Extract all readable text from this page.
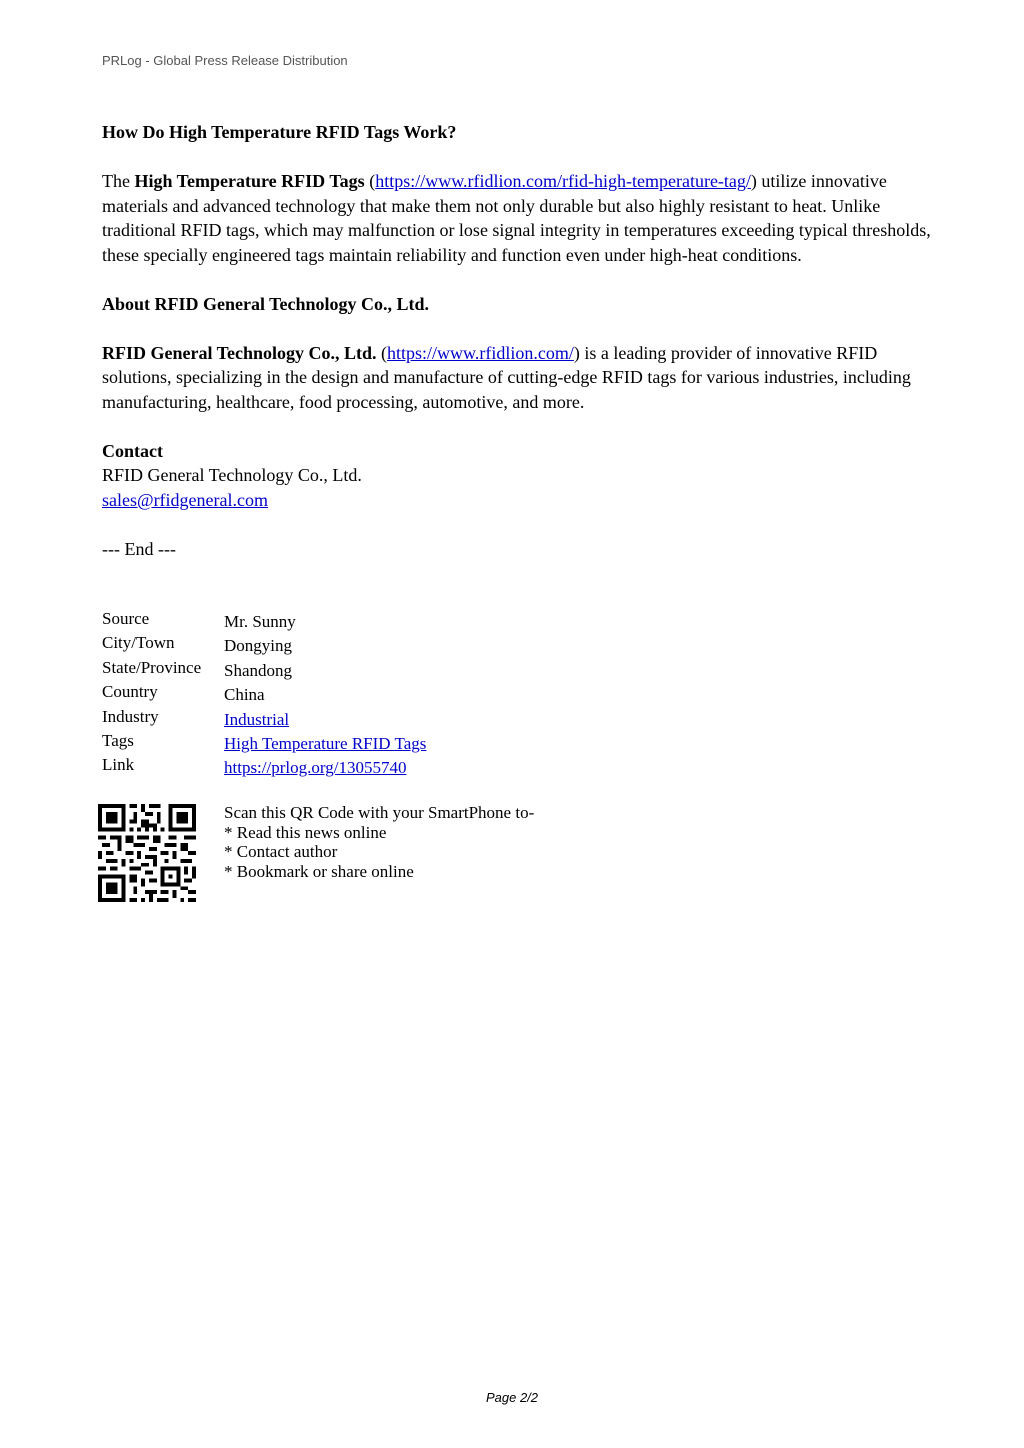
PRLog - Global Press Release Distribution

How Do High Temperature RFID Tags Work?

The High Temperature RFID Tags (https://www.rfidlion.com/rfid-high-temperature-tag/) utilize innovative materials and advanced technology that make them not only durable but also highly resistant to heat. Unlike traditional RFID tags, which may malfunction or lose signal integrity in temperatures exceeding typical thresholds, these specially engineered tags maintain reliability and function even under high-heat conditions.

About RFID General Technology Co., Ltd.

RFID General Technology Co., Ltd. (https://www.rfidlion.com/) is a leading provider of innovative RFID solutions, specializing in the design and manufacture of cutting-edge RFID tags for various industries, including manufacturing, healthcare, food processing, automotive, and more.

Contact
RFID General Technology Co., Ltd.
sales@rfidgeneral.com

--- End ---

Source	Mr. Sunny
City/Town	Dongying
State/Province	Shandong
Country	China
Industry	Industrial
Tags	High Temperature RFID Tags
Link	https://prlog.org/13055740
Scan this QR Code with your SmartPhone to-
* Read this news online
* Contact author
* Bookmark or share online
Page 2/2
